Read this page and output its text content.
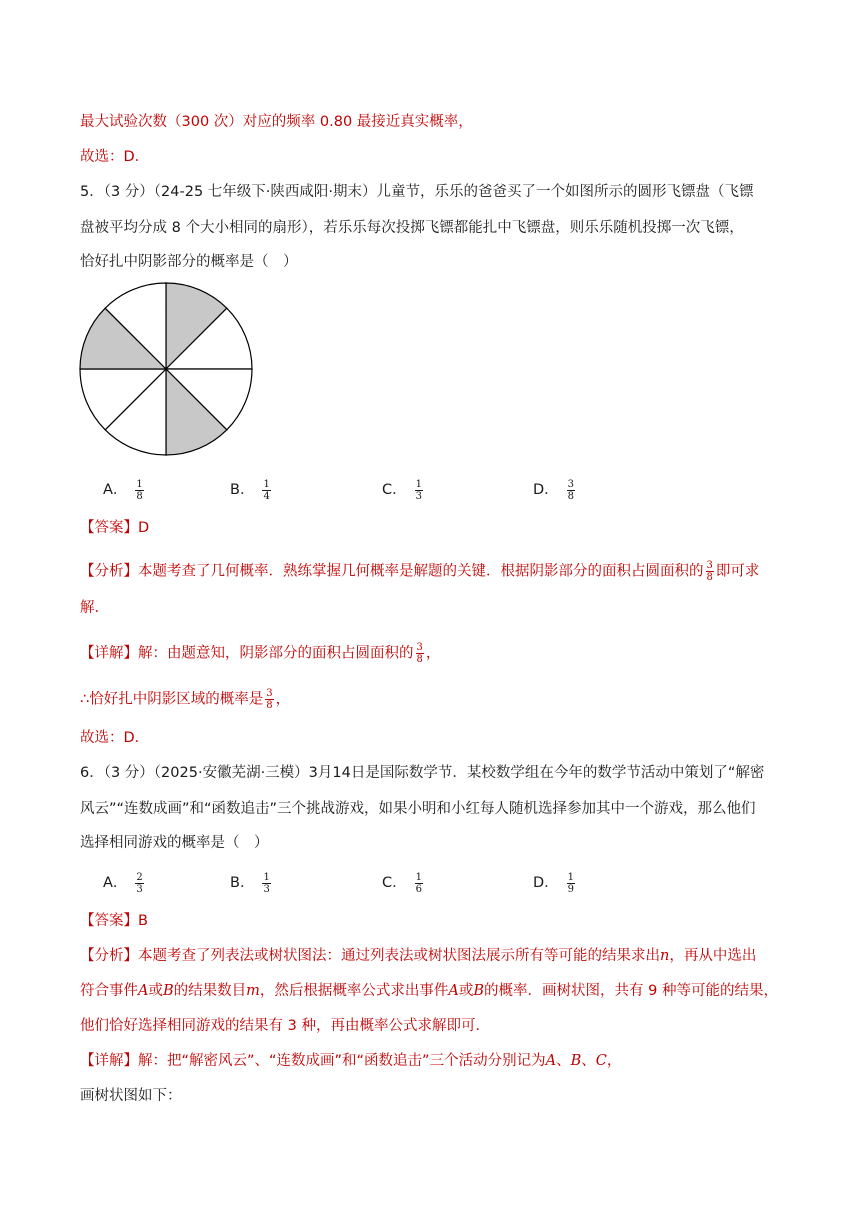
最大试验次数（300 次）对应的频率 0.80 最接近真实概率，
故选：D．
5．（3 分）（24-25 七年级下·陕西咸阳·期末）儿童节，乐乐的爸爸买了一个如图所示的圆形飞镖盘（飞镖
盘被平均分成 8 个大小相同的扇形），若乐乐每次投掷飞镖都能扎中飞镖盘，则乐乐随机投掷一次飞镖，
恰好扎中阴影部分的概率是（　）
A． $\frac{1}{8}$	B． $\frac{1}{4}$	C． $\frac{1}{3}$	D． $\frac{3}{8}$
【答案】D
【分析】本题考查了几何概率．熟练掌握几何概率是解题的关键．根据阴影部分的面积占圆面积的 $\frac{3}{8}$ 即可求
解．
【详解】解：由题意知，阴影部分的面积占圆面积的 $\frac{3}{8}$ ，
∴恰好扎中阴影区域的概率是 $\frac{3}{8}$ ，
故选：D．
6．（3 分）（2025·安徽芜湖·三模）3月14日是国际数学节．某校数学组在今年的数学节活动中策划了“解密
风云”“连数成画”和“函数追击”三个挑战游戏，如果小明和小红每人随机选择参加其中一个游戏，那么他们
选择相同游戏的概率是（　）
A． $\frac{2}{3}$	B． $\frac{1}{3}$	C． $\frac{1}{6}$	D． $\frac{1}{9}$
【答案】B
【分析】本题考查了列表法或树状图法：通过列表法或树状图法展示所有等可能的结果求出n，再从中选出
符合事件A或B的结果数目m，然后根据概率公式求出事件A或B的概率．画树状图，共有 9 种等可能的结果，
他们恰好选择相同游戏的结果有 3 种，再由概率公式求解即可．
【详解】解：把“解密风云”、“连数成画”和“函数追击”三个活动分别记为A、B、C，
画树状图如下：
